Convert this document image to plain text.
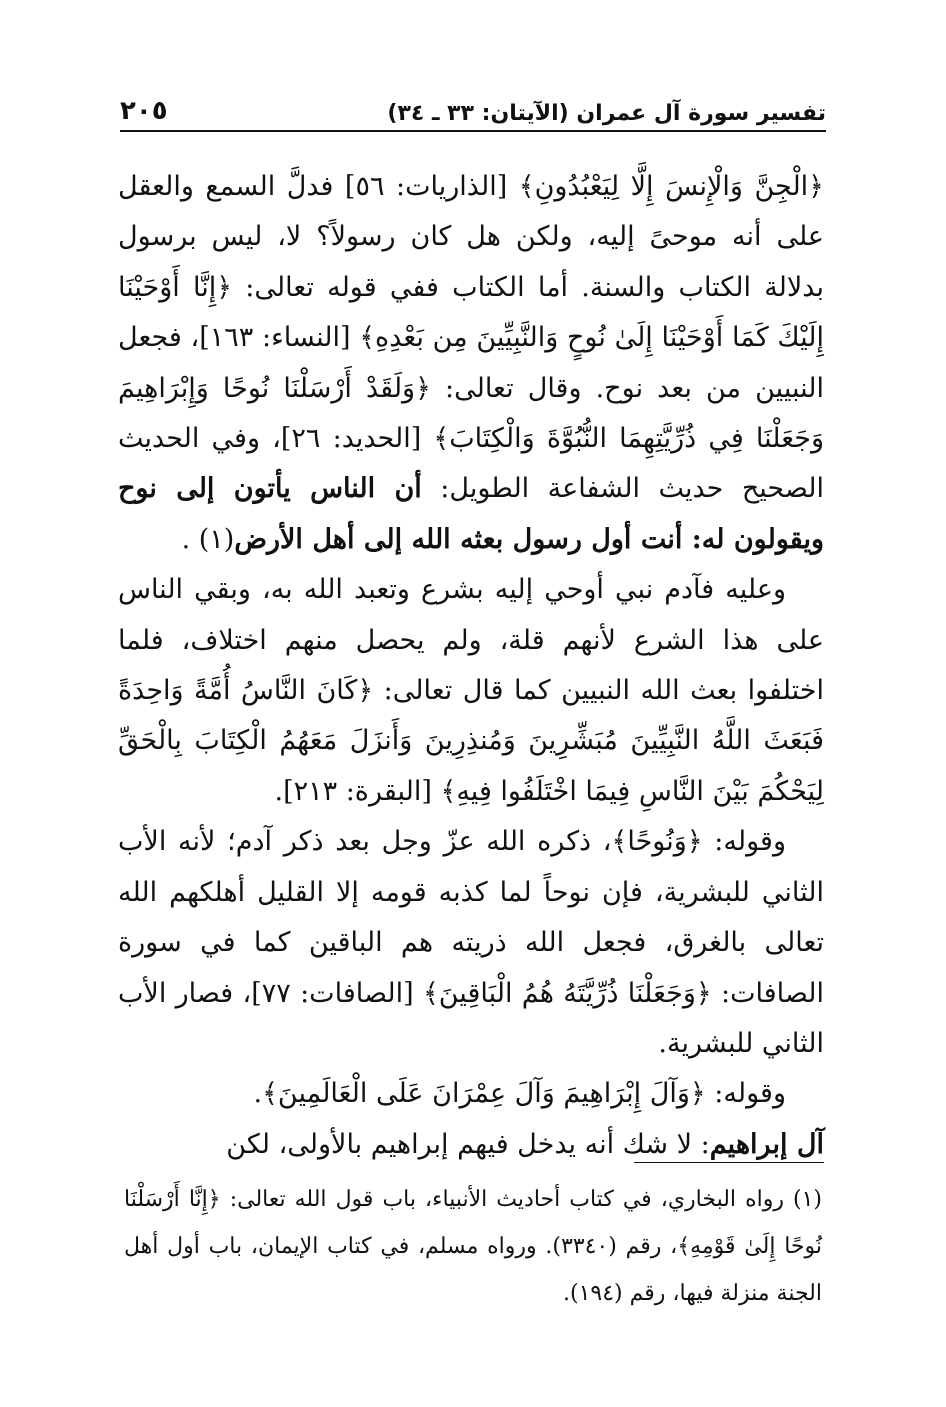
تفسير سورة آل عمران (الآيتان: ٣٣ ـ ٣٤)
٢٠٥

﴿الْجِنَّ وَالْإِنسَ إِلَّا لِيَعْبُدُونِ﴾ [الذاريات: ٥٦] فدلَّ السمع والعقل على أنه موحىً إليه، ولكن هل كان رسولاً؟ لا، ليس برسول بدلالة الكتاب والسنة. أما الكتاب ففي قوله تعالى: ﴿إِنَّا أَوْحَيْنَا إِلَيْكَ كَمَا أَوْحَيْنَا إِلَىٰ نُوحٍ وَالنَّبِيِّينَ مِن بَعْدِهِ﴾ [النساء: ١٦٣]، فجعل النبيين من بعد نوح. وقال تعالى: ﴿وَلَقَدْ أَرْسَلْنَا نُوحًا وَإِبْرَاهِيمَ وَجَعَلْنَا فِي ذُرِّيَّتِهِمَا النُّبُوَّةَ وَالْكِتَابَ﴾ [الحديد: ٢٦]، وفي الحديث الصحيح حديث الشفاعة الطويل: أن الناس يأتون إلى نوح ويقولون له: أنت أول رسول بعثه الله إلى أهل الأرض(١) .

وعليه فآدم نبي أوحي إليه بشرع وتعبد الله به، وبقي الناس على هذا الشرع لأنهم قلة، ولم يحصل منهم اختلاف، فلما اختلفوا بعث الله النبيين كما قال تعالى: ﴿كَانَ النَّاسُ أُمَّةً وَاحِدَةً فَبَعَثَ اللَّهُ النَّبِيِّينَ مُبَشِّرِينَ وَمُنذِرِينَ وَأَنزَلَ مَعَهُمُ الْكِتَابَ بِالْحَقِّ لِيَحْكُمَ بَيْنَ النَّاسِ فِيمَا اخْتَلَفُوا فِيهِ﴾ [البقرة: ٢١٣].

وقوله: ﴿وَنُوحًا﴾، ذكره الله عزّ وجل بعد ذكر آدم؛ لأنه الأب الثاني للبشرية، فإن نوحاً لما كذبه قومه إلا القليل أهلكهم الله تعالى بالغرق، فجعل الله ذريته هم الباقين كما في سورة الصافات: ﴿وَجَعَلْنَا ذُرِّيَّتَهُ هُمُ الْبَاقِينَ﴾ [الصافات: ٧٧]، فصار الأب الثاني للبشرية.

وقوله: ﴿وَآلَ إِبْرَاهِيمَ وَآلَ عِمْرَانَ عَلَى الْعَالَمِينَ﴾.

آل إبراهيم: لا شك أنه يدخل فيهم إبراهيم بالأولى، لكن

(١) رواه البخاري، في كتاب أحاديث الأنبياء، باب قول الله تعالى: ﴿إِنَّا أَرْسَلْنَا نُوحًا إِلَىٰ قَوْمِهِ﴾، رقم (٣٣٤٠). ورواه مسلم، في كتاب الإيمان، باب أول أهل الجنة منزلة فيها، رقم (١٩٤).
